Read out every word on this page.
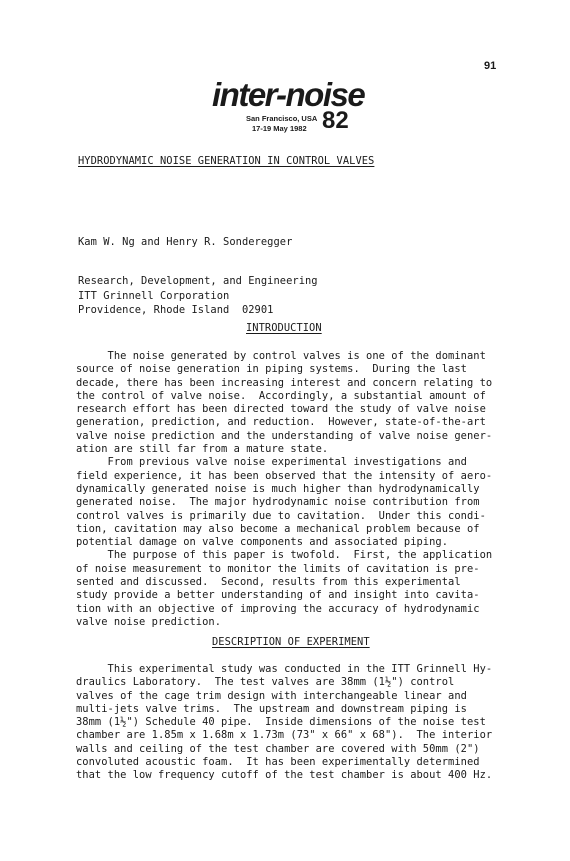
91
inter-noise
San Francisco, USA
17-19 May 1982 82
HYDRODYNAMIC NOISE GENERATION IN CONTROL VALVES
Kam W. Ng and Henry R. Sonderegger
Research, Development, and Engineering
ITT Grinnell Corporation
Providence, Rhode Island  02901
INTRODUCTION
The noise generated by control valves is one of the dominant
source of noise generation in piping systems.  During the last
decade, there has been increasing interest and concern relating to
the control of valve noise.  Accordingly, a substantial amount of
research effort has been directed toward the study of valve noise
generation, prediction, and reduction.  However, state-of-the-art
valve noise prediction and the understanding of valve noise gener-
ation are still far from a mature state.
From previous valve noise experimental investigations and
field experience, it has been observed that the intensity of aero-
dynamically generated noise is much higher than hydrodynamically
generated noise.  The major hydrodynamic noise contribution from
control valves is primarily due to cavitation.  Under this condi-
tion, cavitation may also become a mechanical problem because of
potential damage on valve components and associated piping.
The purpose of this paper is twofold.  First, the application
of noise measurement to monitor the limits of cavitation is pre-
sented and discussed.  Second, results from this experimental
study provide a better understanding of and insight into cavita-
tion with an objective of improving the accuracy of hydrodynamic
valve noise prediction.
DESCRIPTION OF EXPERIMENT
This experimental study was conducted in the ITT Grinnell Hy-
draulics Laboratory.  The test valves are 38mm (1½") control
valves of the cage trim design with interchangeable linear and
multi-jets valve trims.  The upstream and downstream piping is
38mm (1½") Schedule 40 pipe.  Inside dimensions of the noise test
chamber are 1.85m x 1.68m x 1.73m (73" x 66" x 68").  The interior
walls and ceiling of the test chamber are covered with 50mm (2")
convoluted acoustic foam.  It has been experimentally determined
that the low frequency cutoff of the test chamber is about 400 Hz.
